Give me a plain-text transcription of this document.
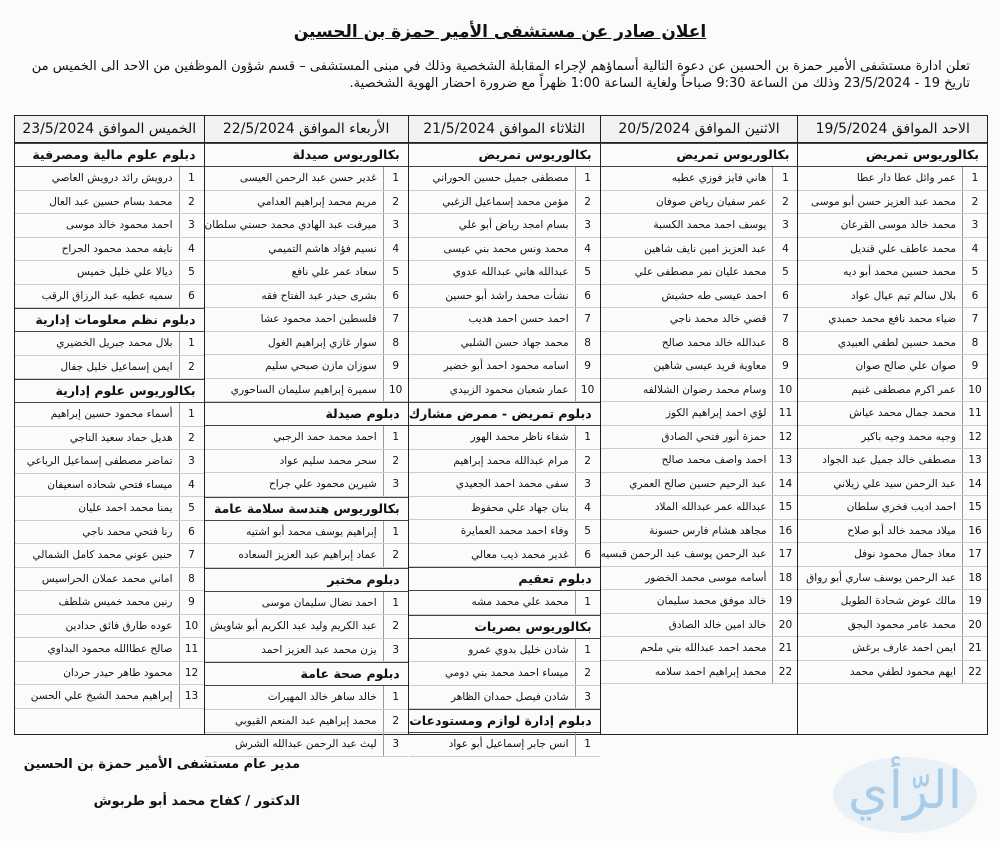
اعلان صادر عن مستشفى الأمير حمزة بن الحسين
تعلن ادارة مستشفى الأمير حمزة بن الحسين عن دعوة التالية أسماؤهم لإجراء المقابلة الشخصية وذلك في مبنى المستشفى – قسم شؤون الموظفين من الاحد الى الخميس من تاريخ 19 - 23/5/2024 وذلك من الساعة 9:30 صباحاً ولغاية الساعة 1:00 ظهراً مع ضرورة احضار الهوية الشخصية.
الاحد الموافق 19/5/2024
بكالوريوس تمريض
1
عمر وائل عطا دار عطا
2
محمد عبد العزيز حسن أبو موسى
3
محمد خالد موسى القرعان
4
محمد عاطف علي قنديل
5
محمد حسين محمد أبو ديه
6
بلال سالم تيم عيال عواد
7
ضياء محمد نافع محمد حمبدي
8
محمد حسين لطفي العبيدي
9
صوان علي صالح صوان
10
عمر اكرم مصطفى غنيم
11
محمد جمال محمد عياش
12
وجيه محمد وجيه باكير
13
مصطفى خالد جميل عبد الجواد
14
عبد الرحمن سيد علي زيلاني
15
احمد اديب فخري سلطان
16
ميلاد محمد خالد أبو صلاح
17
معاذ جمال محمود نوفل
18
عبد الرحمن يوسف ساري أبو رواق
19
مالك عوض شحادة الطويل
20
محمد عامر محمود البجق
21
ايمن احمد عارف برغش
22
ايهم محمود لطفي محمد
الاثنين الموافق 20/5/2024
بكالوريوس تمريض
1
هاني فايز فوزي عطيه
2
عمر سفيان رياض صوفان
3
يوسف احمد محمد الكسبة
4
عبد العزيز امين نايف شاهين
5
محمد عليان نمر مصطفى علي
6
احمد عيسى طه حشيش
7
قصي خالد محمد ناجي
8
عبدالله خالد محمد صالح
9
معاوية فريد عيسى شاهين
10
وسام محمد رضوان الشلالفه
11
لؤي احمد إبراهيم الكوز
12
حمزة أنور فتحي الصادق
13
احمد واصف محمد صالح
14
عبد الرحيم حسين صالح العمري
15
عبدالله عمر عبدالله الملاد
16
مجاهد هشام فارس حسونة
17
عبد الرحمن يوسف عبد الرحمن قبسيه
18
أسامه موسى محمد الخضور
19
خالد موفق محمد سليمان
20
خالد امين خالد الصادق
21
محمد احمد عبدالله بني ملحم
22
محمد إبراهيم احمد سلامه
الثلاثاء الموافق 21/5/2024
بكالوريوس تمريض
1
مصطفى جميل حسين الحوراني
2
مؤمن محمد إسماعيل الزغبي
3
بسام امجد رياض أبو علي
4
محمد ونس محمد بني عيسى
5
عبدالله هاني عبدالله عدوي
6
نشأت محمد راشد أبو حسين
7
احمد حسن احمد هديب
8
محمد جهاد حسن الشلبي
9
اسامه محمود احمد أبو خضير
10
عمار شعبان محمود الزبيدي
دبلوم تمريض - ممرض مشارك
1
شفاء ناظر محمد الهور
2
مرام عبدالله محمد إبراهيم
3
سفى محمد احمد الجعيدي
4
بنان جهاد علي محفوظ
5
وفاء احمد محمد العمايرة
6
غدير محمد ذيب معالي
دبلوم تعقيم
1
محمد علي محمد مشه
بكالوريوس بصريات
1
شادن خليل بدوي عمرو
2
ميساء احمد محمد بني دومي
3
شادن فيصل حمدان الظاهر
دبلوم إدارة لوازم ومستودعات
1
انس جابر إسماعيل أبو عواد
الأربعاء الموافق 22/5/2024
بكالوريوس صيدلة
1
غدير حسن عبد الرحمن العيسى
2
مريم محمد إبراهيم العدامي
3
ميرفت عبد الهادي محمد حسني سلطان
4
نسيم فؤاد هاشم التميمي
5
سعاد عمر علي نافع
6
بشرى حيدر عبد الفتاح فقه
7
فلسطين احمد محمود عشا
8
سوار غازي إبراهيم الغول
9
سوزان مازن صبحي سليم
10
سميرة إبراهيم سليمان الساحوري
دبلوم صيدلة
1
احمد محمد حمد الرجبي
2
سحر محمد سليم عواد
3
شيرين محمود علي جراح
بكالوريوس هندسة سلامة عامة
1
إبراهيم يوسف محمد أبو اشتيه
2
عماد إبراهيم عبد العزيز السعاده
دبلوم مختبر
1
احمد نضال سليمان موسى
2
عبد الكريم وليد عبد الكريم أبو شاويش
3
يزن محمد عبد العزيز احمد
دبلوم صحة عامة
1
خالد ساهر خالد المهيرات
2
محمد إبراهيم عبد المنعم القيوبي
3
ليث عبد الرحمن عبدالله الشرش
الخميس الموافق 23/5/2024
دبلوم علوم مالية ومصرفية
1
درويش رائد درويش العاصي
2
محمد بسام حسين عبد العال
3
احمد محمود خالد موسى
4
نايفه محمد محمود الجراح
5
ديالا علي خليل خميس
6
سميه عطيه عبد الرزاق الرقب
دبلوم نظم معلومات إدارية
1
بلال محمد جبريل الخضيري
2
ايمن إسماعيل خليل جفال
بكالوريوس علوم إدارية
1
أسماء محمود حسين إبراهيم
2
هديل حماد سعيد الناجي
3
تماضر مصطفى إسماعيل الرباعي
4
ميساء فتحي شحاده اسعيفان
5
يمنا محمد احمد عليان
6
رنا فتحي محمد ناجي
7
حنين عوني محمد كامل الشمالي
8
اماني محمد عملان الحراسيس
9
رنين محمد خميس شلطف
10
عوده طارق فائق حدادين
11
صالح عطاالله محمود البداوي
12
محمود طاهر حيدر حردان
13
إبراهيم محمد الشيخ علي الحسن
مدير عام مستشفى الأمير حمزة بن الحسين
الدكتور / كفاح محمد أبو طربوش	الرّأي
